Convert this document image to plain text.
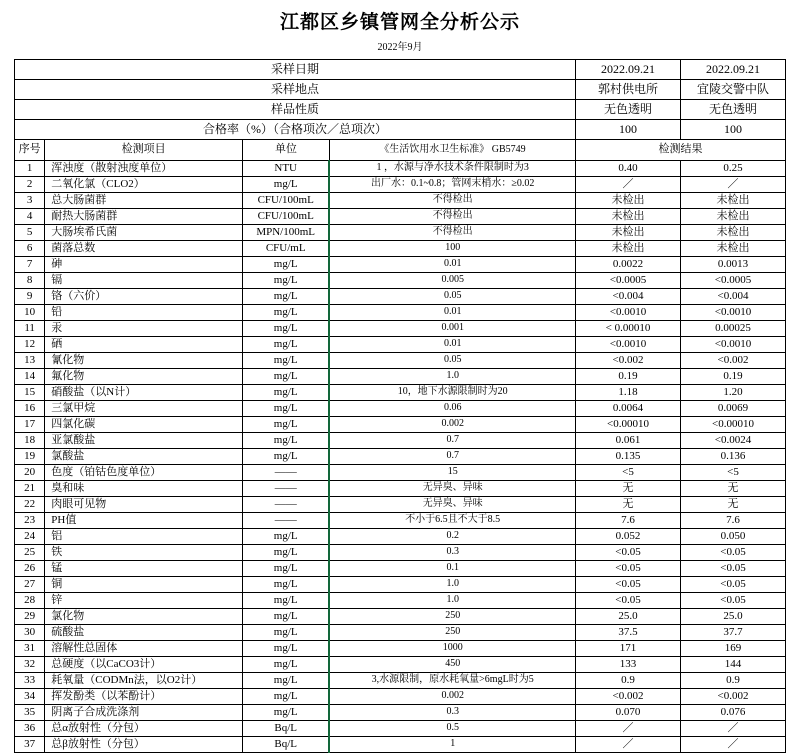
江都区乡镇管网全分析公示
2022年9月
采样日期				2022.09.21	2022.09.21
采样地点				郭村供电所	宜陵交警中队
样品性质				无色透明	无色透明
合格率（%）（合格项次／总项次）				100	100
序号	检测项目	单位	《生活饮用水卫生标准》 GB5749	检测结果	
1	浑浊度（散射浊度单位）	NTU	1 ，水源与净水技术条件限制时为3	0.40	0.25
2	二氧化氯（CLO2）	mg/L	出厂水：0.1~0.8；管网末梢水：≥0.02	／	／
3	总大肠菌群	CFU/100mL	不得检出	未检出	未检出
4	耐热大肠菌群	CFU/100mL	不得检出	未检出	未检出
5	大肠埃希氏菌	MPN/100mL	不得检出	未检出	未检出
6	菌落总数	CFU/mL	100	未检出	未检出
7	砷	mg/L	0.01	0.0022	0.0013
8	镉	mg/L	0.005	<0.0005	<0.0005
9	铬（六价）	mg/L	0.05	<0.004	<0.004
10	铅	mg/L	0.01	<0.0010	<0.0010
11	汞	mg/L	0.001	< 0.00010	0.00025
12	硒	mg/L	0.01	<0.0010	<0.0010
13	氰化物	mg/L	0.05	<0.002	<0.002
14	氟化物	mg/L	1.0	0.19	0.19
15	硝酸盐（以N计）	mg/L	10，地下水源限制时为20	1.18	1.20
16	三氯甲烷	mg/L	0.06	0.0064	0.0069
17	四氯化碳	mg/L	0.002	<0.00010	<0.00010
18	亚氯酸盐	mg/L	0.7	0.061	<0.0024
19	氯酸盐	mg/L	0.7	0.135	0.136
20	色度（铂钴色度单位）	——	15	<5	<5
21	臭和味	——	无异臭、异味	无	无
22	肉眼可见物	——	无异臭、异味	无	无
23	PH值	——	不小于6.5且不大于8.5	7.6	7.6
24	铝	mg/L	0.2	0.052	0.050
25	铁	mg/L	0.3	<0.05	<0.05
26	锰	mg/L	0.1	<0.05	<0.05
27	铜	mg/L	1.0	<0.05	<0.05
28	锌	mg/L	1.0	<0.05	<0.05
29	氯化物	mg/L	250	25.0	25.0
30	硫酸盐	mg/L	250	37.5	37.7
31	溶解性总固体	mg/L	1000	171	169
32	总硬度（以CaCO3计）	mg/L	450	133	144
33	耗氧量（CODMn法，以O2计）	mg/L	3,水源限制，原水耗氧量>6mgL时为5	0.9	0.9
34	挥发酚类（以苯酚计）	mg/L	0.002	<0.002	<0.002
35	阴离子合成洗涤剂	mg/L	0.3	0.070	0.076
36	总α放射性（分包）	Bq/L	0.5	／	／
37	总β放射性（分包）	Bq/L	1	／	／
